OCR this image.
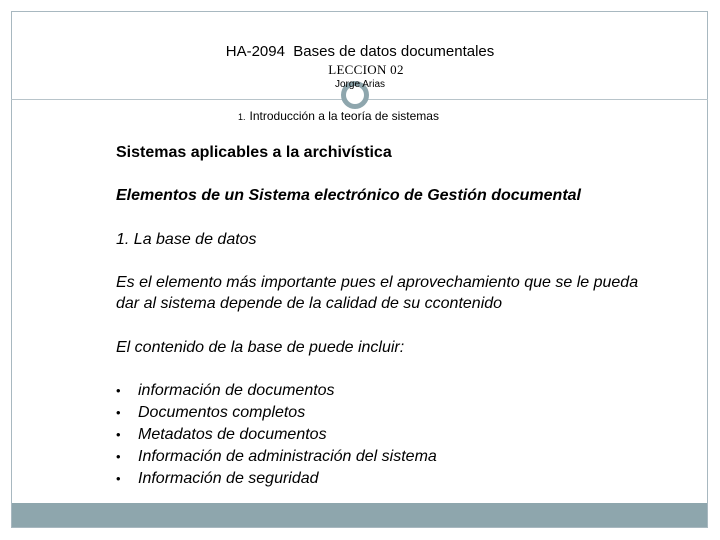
HA-2094  Bases de datos documentales
LECCION 02
Jorge Arias
1. Introducción a la teoría de sistemas
Sistemas aplicables a la archivística
Elementos de un Sistema electrónico de Gestión documental
1. La base de datos
Es el elemento más importante pues el aprovechamiento que se le pueda
dar al sistema depende de la calidad de su ccontenido
El contenido de la base de puede incluir:
• información de documentos
• Documentos completos
• Metadatos de documentos
• Información de administración del sistema
• Información de seguridad
